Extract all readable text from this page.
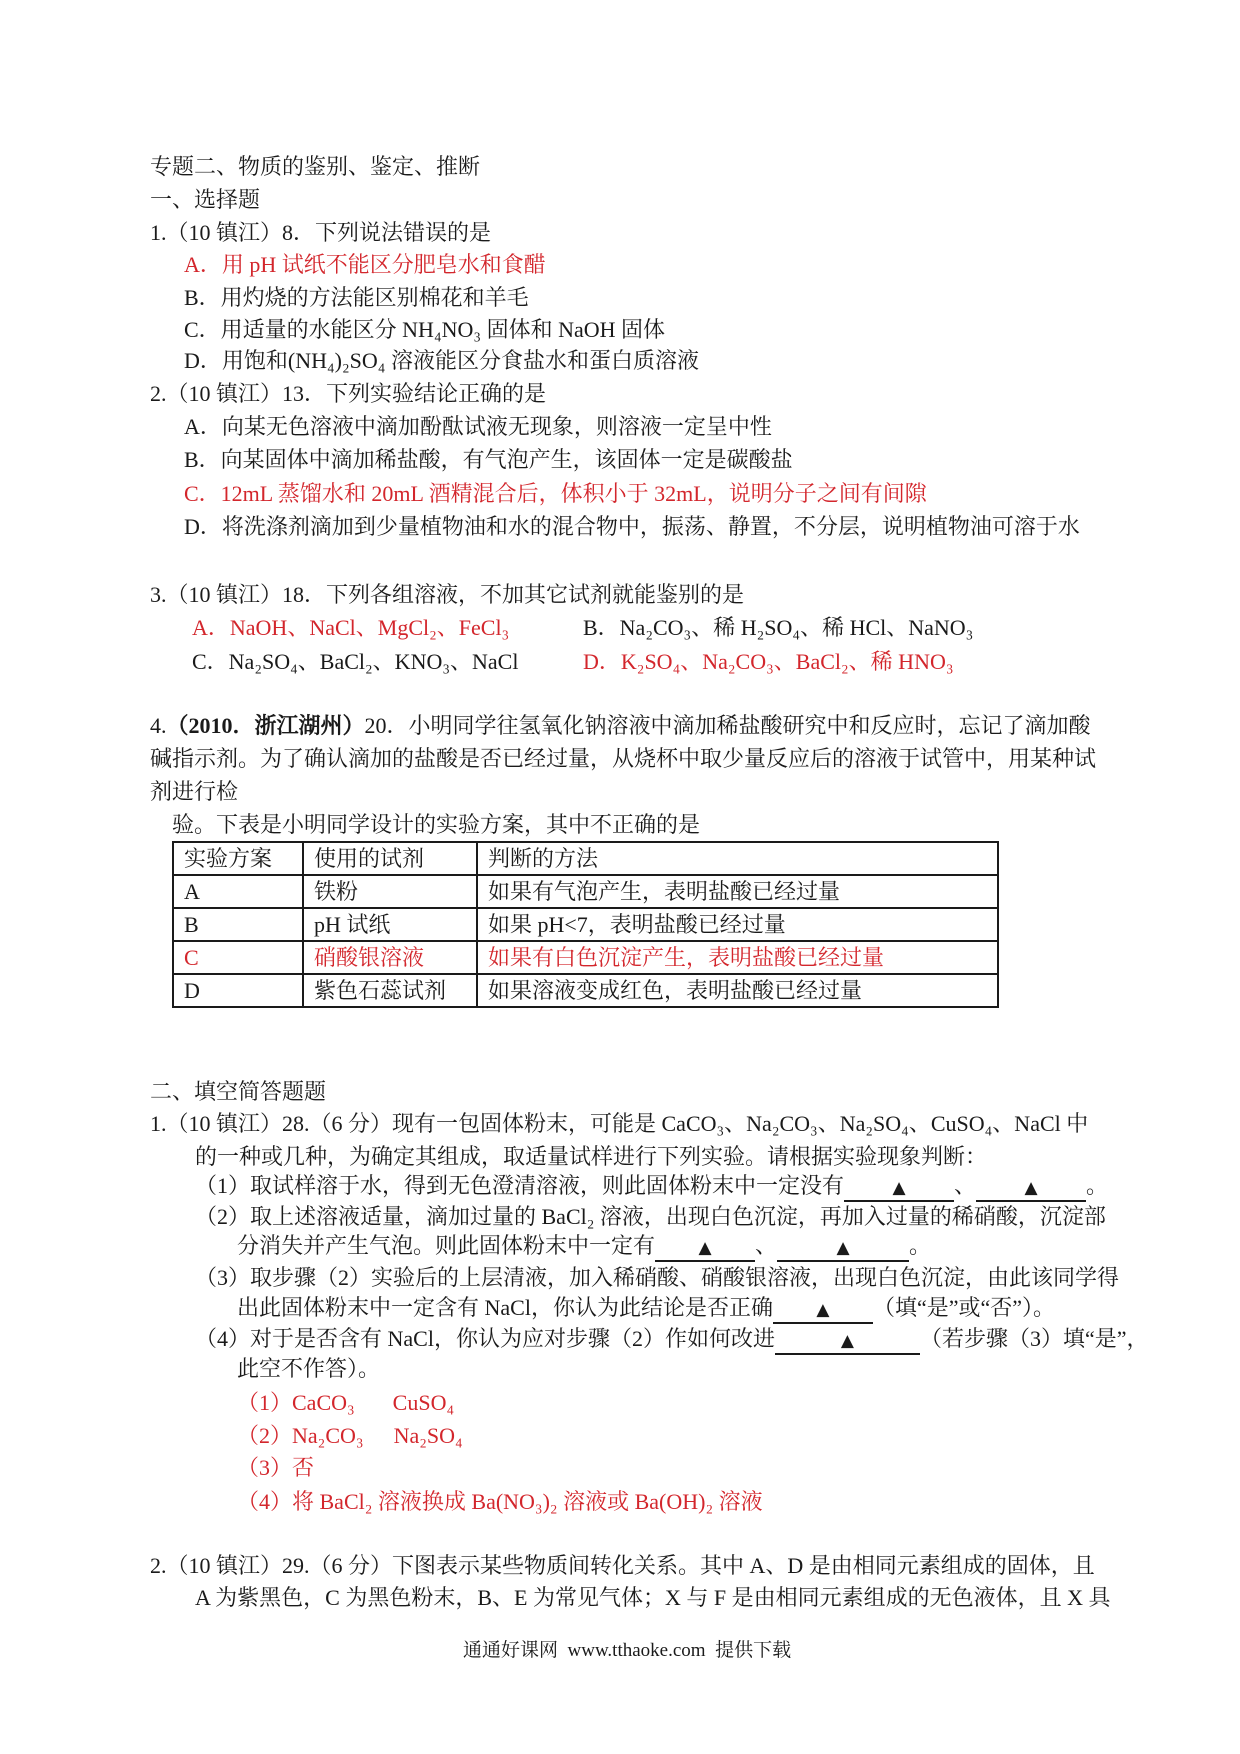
专题二、物质的鉴别、鉴定、推断
一、选择题
1.（10 镇江）8．下列说法错误的是
A．用 pH 试纸不能区分肥皂水和食醋
B．用灼烧的方法能区别棉花和羊毛
C．用适量的水能区分 NH₄NO₃ 固体和 NaOH 固体
D．用饱和(NH₄)₂SO₄ 溶液能区分食盐水和蛋白质溶液
2.（10 镇江）13．下列实验结论正确的是
A．向某无色溶液中滴加酚酞试液无现象，则溶液一定呈中性
B．向某固体中滴加稀盐酸，有气泡产生，该固体一定是碳酸盐
C．12mL 蒸馏水和 20mL 酒精混合后，体积小于 32mL，说明分子之间有间隙
D．将洗涤剂滴加到少量植物油和水的混合物中，振荡、静置，不分层，说明植物油可溶于水
3.（10 镇江）18．下列各组溶液，不加其它试剂就能鉴别的是
A．NaOH、NaCl、MgCl₂、FeCl₃	B．Na₂CO₃、稀 H₂SO₄、稀 HCl、NaNO₃
C．Na₂SO₄、BaCl₂、KNO₃、NaCl	D．K₂SO₄、Na₂CO₃、BaCl₂、稀 HNO₃
4.（2010．浙江湖州）20．小明同学往氢氧化钠溶液中滴加稀盐酸研究中和反应时，忘记了滴加酸
碱指示剂。为了确认滴加的盐酸是否已经过量，从烧杯中取少量反应后的溶液于试管中，用某种试
剂进行检
验。下表是小明同学设计的实验方案，其中不正确的是
实验方案	使用的试剂	判断的方法
A	铁粉	如果有气泡产生，表明盐酸已经过量
B	pH 试纸	如果 pH<7，表明盐酸已经过量
C	硝酸银溶液	如果有白色沉淀产生，表明盐酸已经过量
D	紫色石蕊试剂	如果溶液变成红色，表明盐酸已经过量
二、填空简答题题
1.（10 镇江）28.（6 分）现有一包固体粉末，可能是 CaCO₃、Na₂CO₃、Na₂SO₄、CuSO₄、NaCl 中
的一种或几种，为确定其组成，取适量试样进行下列实验。请根据实验现象判断：
（1）取试样溶于水，得到无色澄清溶液，则此固体粉末中一定没有	▲ 、	▲ 。
（2）取上述溶液适量，滴加过量的 BaCl₂ 溶液，出现白色沉淀，再加入过量的稀硝酸，沉淀部
分消失并产生气泡。则此固体粉末中一定有	▲ 、	▲	。
（3）取步骤（2）实验后的上层清液，加入稀硝酸、硝酸银溶液，出现白色沉淀，由此该同学得
出此固体粉末中一定含有 NaCl，你认为此结论是否正确	▲ （填“是”或“否”）。
（4）对于是否含有 NaCl，你认为应对步骤（2）作如何改进	▲	（若步骤（3）填“是”，
此空不作答）。
（1）CaCO₃ CuSO₄
（2）Na₂CO₃ Na₂SO₄
（3）否
（4）将 BaCl₂ 溶液换成 Ba(NO₃)₂ 溶液或 Ba(OH)₂ 溶液
2.（10 镇江）29.（6 分）下图表示某些物质间转化关系。其中 A、D 是由相同元素组成的固体，且
A 为紫黑色，C 为黑色粉末，B、E 为常见气体；X 与 F 是由相同元素组成的无色液体，且 X 具
通通好课网  www.tthaoke.com  提供下载
